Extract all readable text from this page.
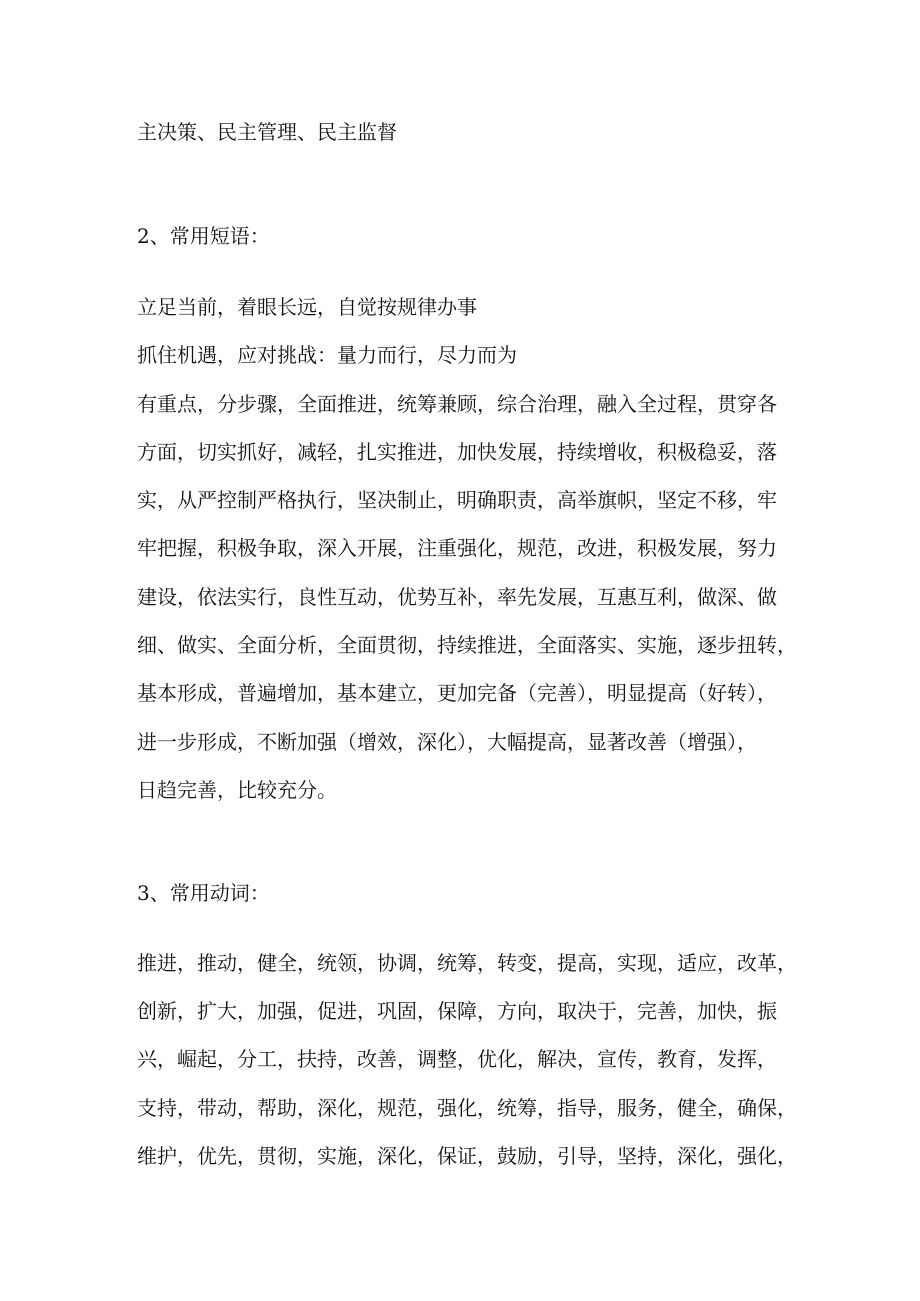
主决策、民主管理、民主监督
2、常用短语：
立足当前，着眼长远，自觉按规律办事
抓住机遇，应对挑战：量力而行，尽力而为
有重点，分步骤，全面推进，统筹兼顾，综合治理，融入全过程，贯穿各
方面，切实抓好，减轻，扎实推进，加快发展，持续增收，积极稳妥，落
实，从严控制严格执行，坚决制止，明确职责，高举旗帜，坚定不移，牢
牢把握，积极争取，深入开展，注重强化，规范，改进，积极发展，努力
建设，依法实行，良性互动，优势互补，率先发展，互惠互利，做深、做
细、做实、全面分析，全面贯彻，持续推进，全面落实、实施，逐步扭转，
基本形成，普遍增加，基本建立，更加完备（完善），明显提高（好转），
进一步形成，不断加强（增效，深化），大幅提高，显著改善（增强），
日趋完善，比较充分。
3、常用动词：
推进，推动，健全，统领，协调，统筹，转变，提高，实现，适应，改革，
创新，扩大，加强，促进，巩固，保障，方向，取决于，完善，加快，振
兴，崛起，分工，扶持，改善，调整，优化，解决，宣传，教育，发挥，
支持，带动，帮助，深化，规范，强化，统筹，指导，服务，健全，确保，
维护，优先，贯彻，实施，深化，保证，鼓励，引导，坚持，深化，强化，
